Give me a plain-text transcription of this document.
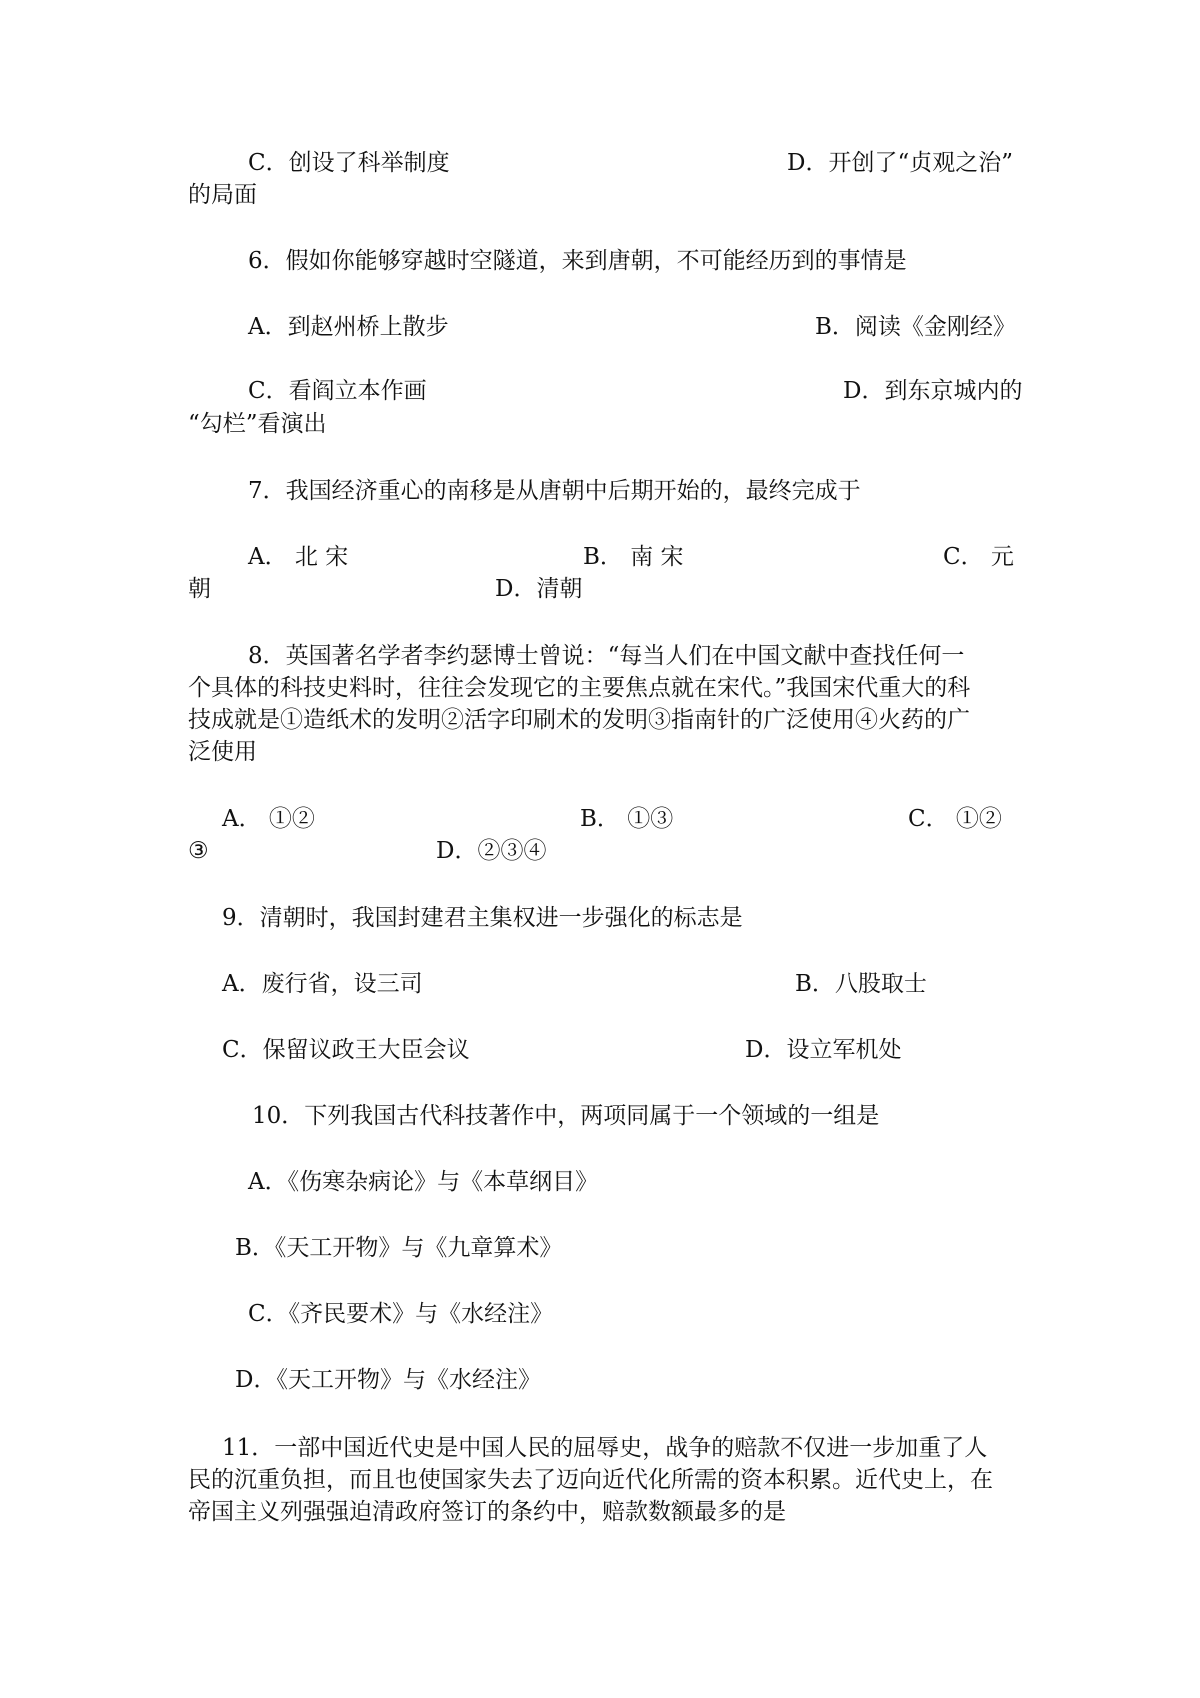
C．创设了科举制度	D．开创了“贞观之治”
的局面
6．假如你能够穿越时空隧道，来到唐朝，不可能经历到的事情是
A．到赵州桥上散步	B．阅读《金刚经》
C．看阎立本作画	D．到东京城内的
“勾栏”看演出
7．我国经济重心的南移是从唐朝中后期开始的，最终完成于
A． 北 宋	B． 南 宋	C． 元
朝	D．清朝
8．英国著名学者李约瑟博士曾说：“每当人们在中国文献中查找任何一
个具体的科技史料时，往往会发现它的主要焦点就在宋代。”我国宋代重大的科
技成就是①造纸术的发明②活字印刷术的发明③指南针的广泛使用④火药的广
泛使用
A． ①②	B． ①③	C． ①②
③	D．②③④
9．清朝时，我国封建君主集权进一步强化的标志是
A．废行省，设三司	B．八股取士
C．保留议政王大臣会议	D．设立军机处
10．下列我国古代科技著作中，两项同属于一个领域的一组是
A．《伤寒杂病论》与《本草纲目》
B．《天工开物》与《九章算术》
C．《齐民要术》与《水经注》
D．《天工开物》与《水经注》
11．一部中国近代史是中国人民的屈辱史，战争的赔款不仅进一步加重了人
民的沉重负担，而且也使国家失去了迈向近代化所需的资本积累。近代史上，在
帝国主义列强强迫清政府签订的条约中，赔款数额最多的是
